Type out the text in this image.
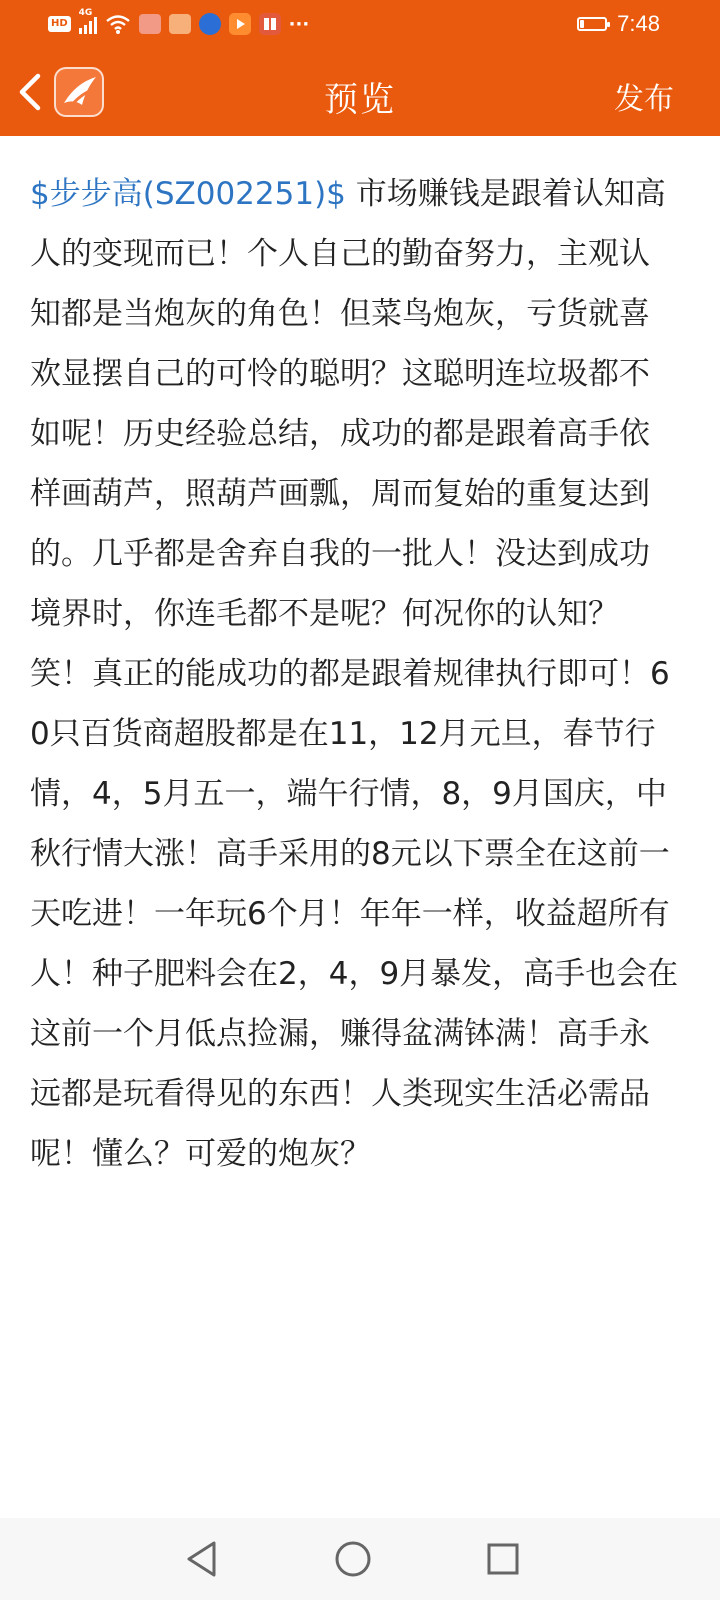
HD
4G
···	7:48
预览	发布
$步步高(SZ002251)$ 市场赚钱是跟着认知高人的变现而已！个人自己的勤奋努力，主观认知都是当炮灰的角色！但菜鸟炮灰，亏货就喜欢显摆自己的可怜的聪明？这聪明连垃圾都不如呢！历史经验总结，成功的都是跟着高手依样画葫芦，照葫芦画瓢，周而复始的重复达到的。几乎都是舍弃自我的一批人！没达到成功境界时，你连毛都不是呢？何况你的认知？笑！真正的能成功的都是跟着规律执行即可！60只百货商超股都是在11，12月元旦，春节行情，4，5月五一，端午行情，8，9月国庆，中秋行情大涨！高手采用的8元以下票全在这前一天吃进！一年玩6个月！年年一样，收益超所有人！种子肥料会在2，4，9月暴发，高手也会在这前一个月低点捡漏，赚得盆满钵满！高手永远都是玩看得见的东西！人类现实生活必需品呢！懂么？可爱的炮灰？
